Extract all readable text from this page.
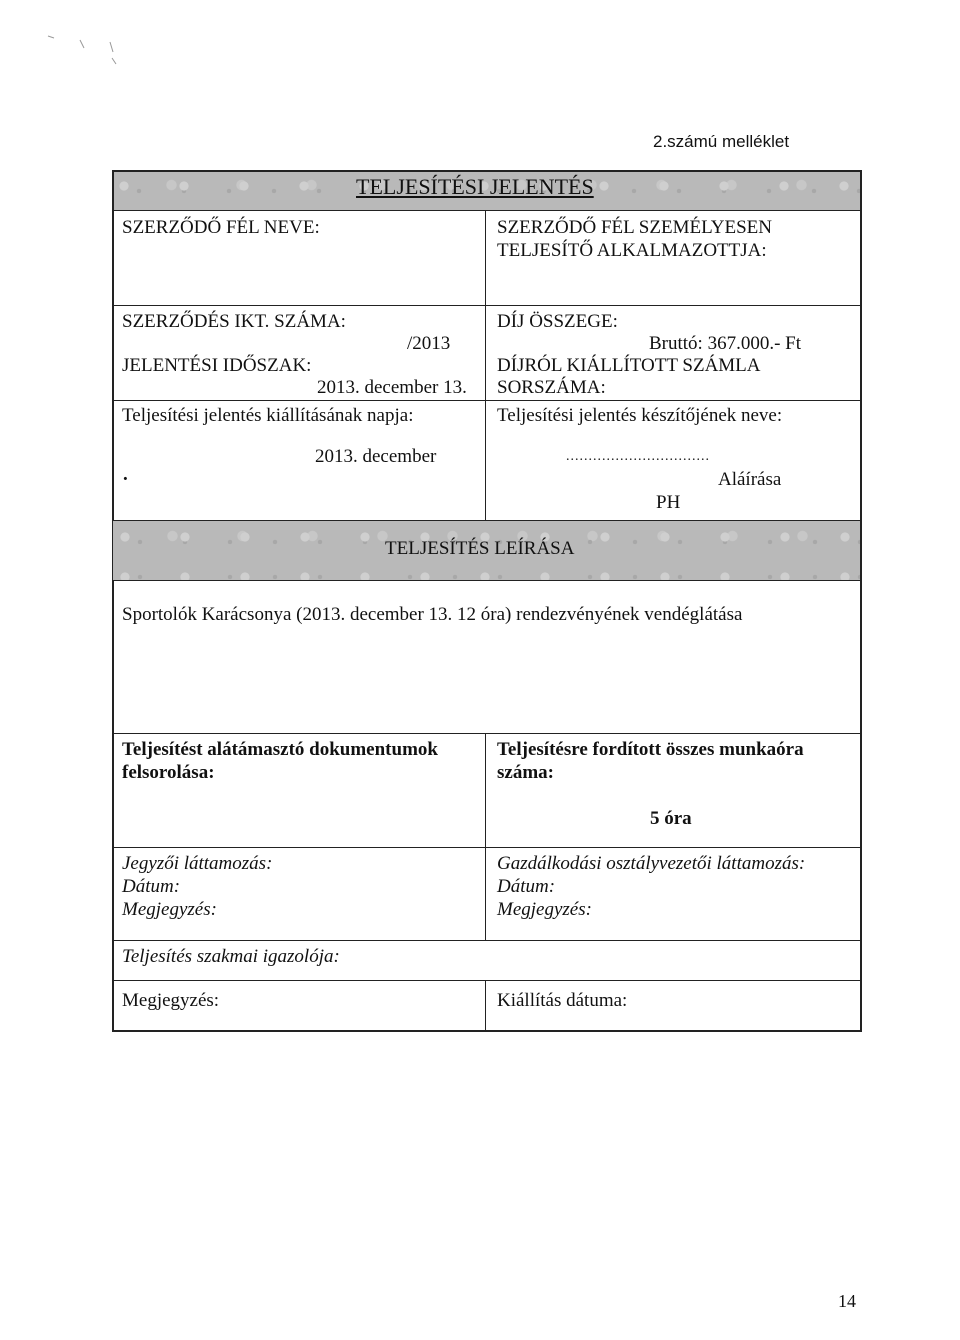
2.számú melléklet
TELJESÍTÉSI JELENTÉS
SZERZŐDŐ FÉL NEVE:	SZERZŐDŐ FÉL SZEMÉLYESEN
TELJESÍTŐ ALKALMAZOTTJA:
SZERZŐDÉS IKT. SZÁMA:
/2013
JELENTÉSI IDŐSZAK:
2013. december 13.
DÍJ ÖSSZEGE:
Bruttó: 367.000.- Ft
DÍJRÓL KIÁLLÍTOTT SZÁMLA
SORSZÁMA:
Teljesítési jelentés kiállításának napja:
2013. december
.
Teljesítési jelentés készítőjének neve:
................................
Aláírása
PH
TELJESÍTÉS LEÍRÁSA
Sportolók Karácsonya (2013. december 13. 12 óra) rendezvényének vendéglátása
Teljesítést alátámasztó dokumentumok
felsorolása:
Teljesítésre fordított összes munkaóra
száma:
5 óra
Jegyzői láttamozás:
Dátum:
Megjegyzés:
Gazdálkodási osztályvezetői láttamozás:
Dátum:
Megjegyzés:
Teljesítés szakmai igazolója:
Megjegyzés:	Kiállítás dátuma:
14
